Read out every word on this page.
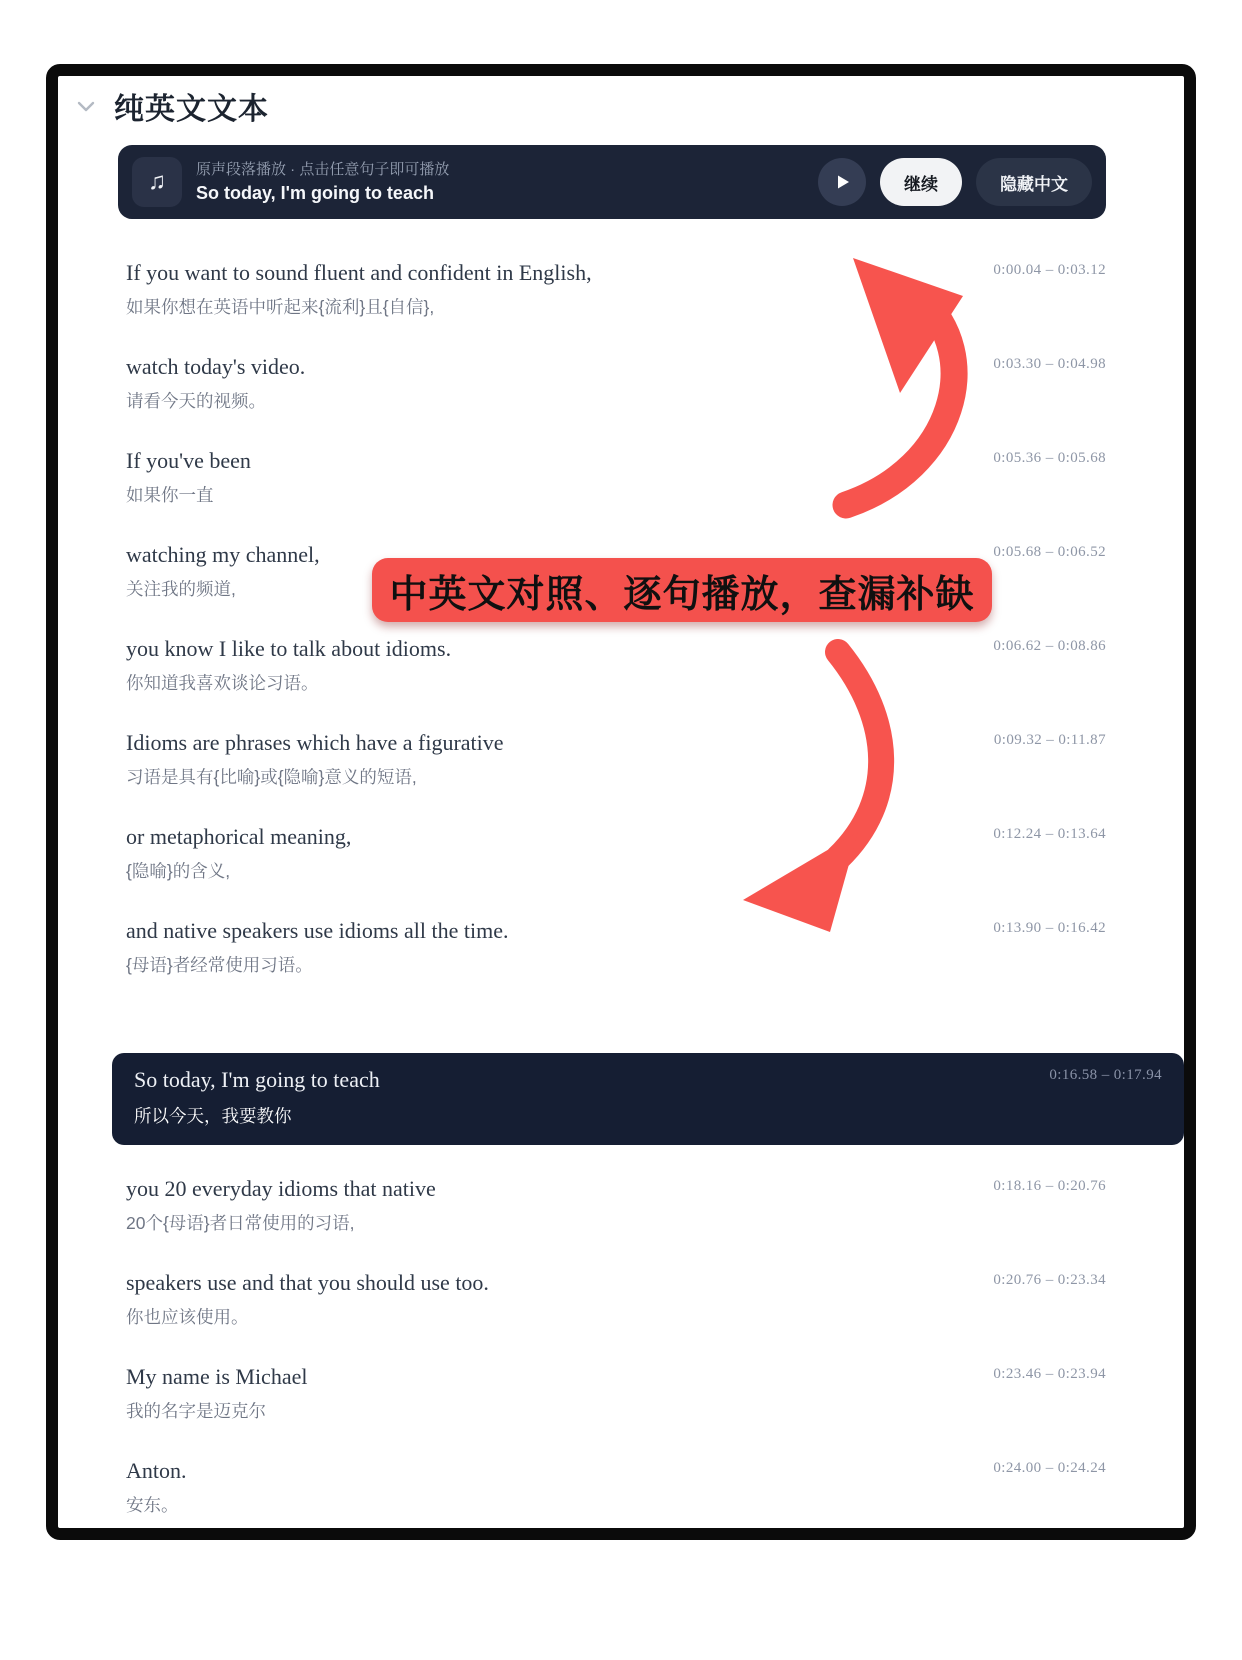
纯英文文本
♫	原声段落播放 · 点击任意句子即可播放
So today, I'm going to teach	继续	隐藏中文
0:00.04 – 0:03.12
If you want to sound fluent and confident in English,
如果你想在英语中听起来{流利}且{自信},
0:03.30 – 0:04.98
watch today's video.
请看今天的视频。
0:05.36 – 0:05.68
If you've been
如果你一直
0:05.68 – 0:06.52
watching my channel,
关注我的频道,
0:06.62 – 0:08.86
you know I like to talk about idioms.
你知道我喜欢谈论习语。
0:09.32 – 0:11.87
Idioms are phrases which have a figurative
习语是具有{比喻}或{隐喻}意义的短语,
0:12.24 – 0:13.64
or metaphorical meaning,
{隐喻}的含义,
0:13.90 – 0:16.42
and native speakers use idioms all the time.
{母语}者经常使用习语。
0:16.58 – 0:17.94
So today, I'm going to teach
所以今天，我要教你
0:18.16 – 0:20.76
you 20 everyday idioms that native
20个{母语}者日常使用的习语,
0:20.76 – 0:23.34
speakers use and that you should use too.
你也应该使用。
0:23.46 – 0:23.94
My name is Michael
我的名字是迈克尔
0:24.00 – 0:24.24
Anton.
安东。
中英文对照、逐句播放，查漏补缺
